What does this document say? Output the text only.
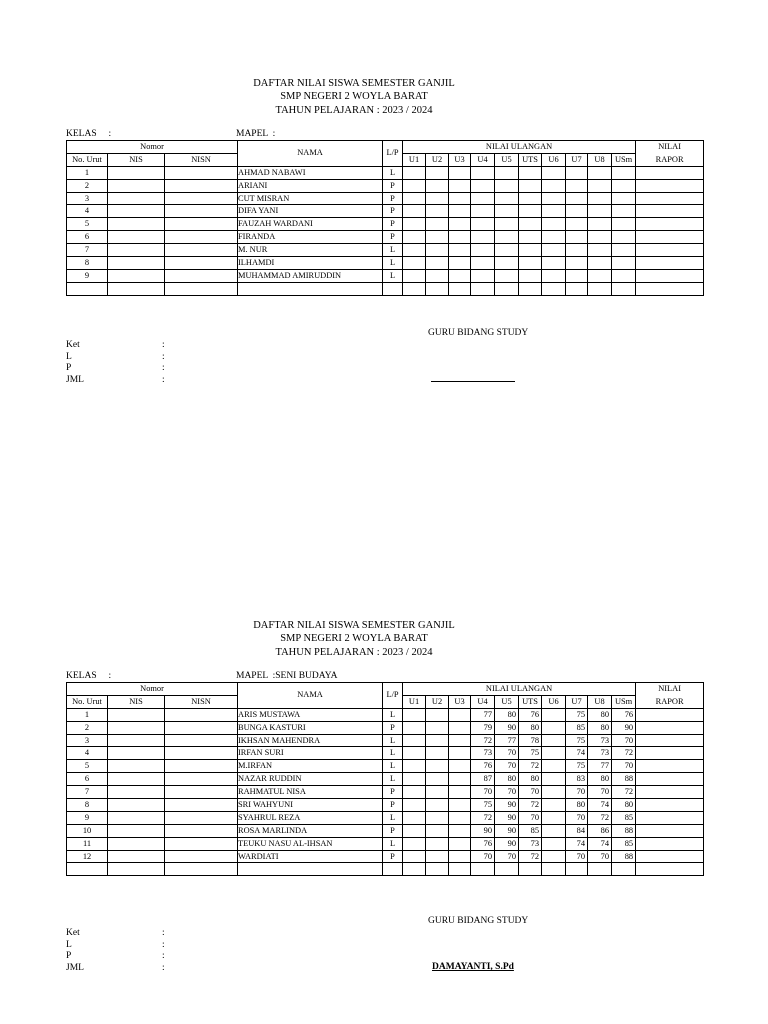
DAFTAR NILAI SISWA SEMESTER GANJIL
SMP NEGERI 2 WOYLA BARAT
TAHUN PELAJARAN : 2023 / 2024
KELAS     :	MAPEL  :
Nomor			NAMA	L/P	NILAI ULANGAN										NILAI
No. Urut	NIS	NISN			U1	U2	U3	U4	U5	UTS	U6	U7	U8	USm	RAPOR
1			AHMAD NABAWI	L											
2			ARIANI	P											
3			CUT MISRAN	P											
4			DIFA YANI	P											
5			FAUZAH WARDANI	P											
6			FIRANDA	P											
7			M. NUR	L											
8			ILHAMDI	L											
9			MUHAMMAD AMIRUDDIN	L											

GURU BIDANG STUDY
Ket
L
P
JML
:
:
:
:
DAFTAR NILAI SISWA SEMESTER GANJIL
SMP NEGERI 2 WOYLA BARAT
TAHUN PELAJARAN : 2023 / 2024
KELAS     :	MAPEL  :SENI BUDAYA
Nomor			NAMA	L/P	NILAI ULANGAN										NILAI
No. Urut	NIS	NISN			U1	U2	U3	U4	U5	UTS	U6	U7	U8	USm	RAPOR
1			ARIS MUSTAWA	L				77	80	76		75	80	76	
2			BUNGA KASTURI	P				79	90	80		85	80	90	
3			IKHSAN MAHENDRA	L				72	77	78		75	73	70	
4			IRFAN SURI	L				73	70	75		74	73	72	
5			M.IRFAN	L				76	70	72		75	77	70	
6			NAZAR RUDDIN	L				87	80	80		83	80	88	
7			RAHMATUL NISA	P				70	70	70		70	70	72	
8			SRI WAHYUNI	P				75	90	72		80	74	80	
9			SYAHRUL REZA	L				72	90	70		70	72	85	
10			ROSA MARLINDA	P				90	90	85		84	86	88	
11			TEUKU NASU AL-IHSAN	L				76	90	73		74	74	85	
12			WARDIATI	P				70	70	72		70	70	88	

GURU BIDANG STUDY
Ket
L
P
JML
:
:
:
:	DAMAYANTI, S.Pd
